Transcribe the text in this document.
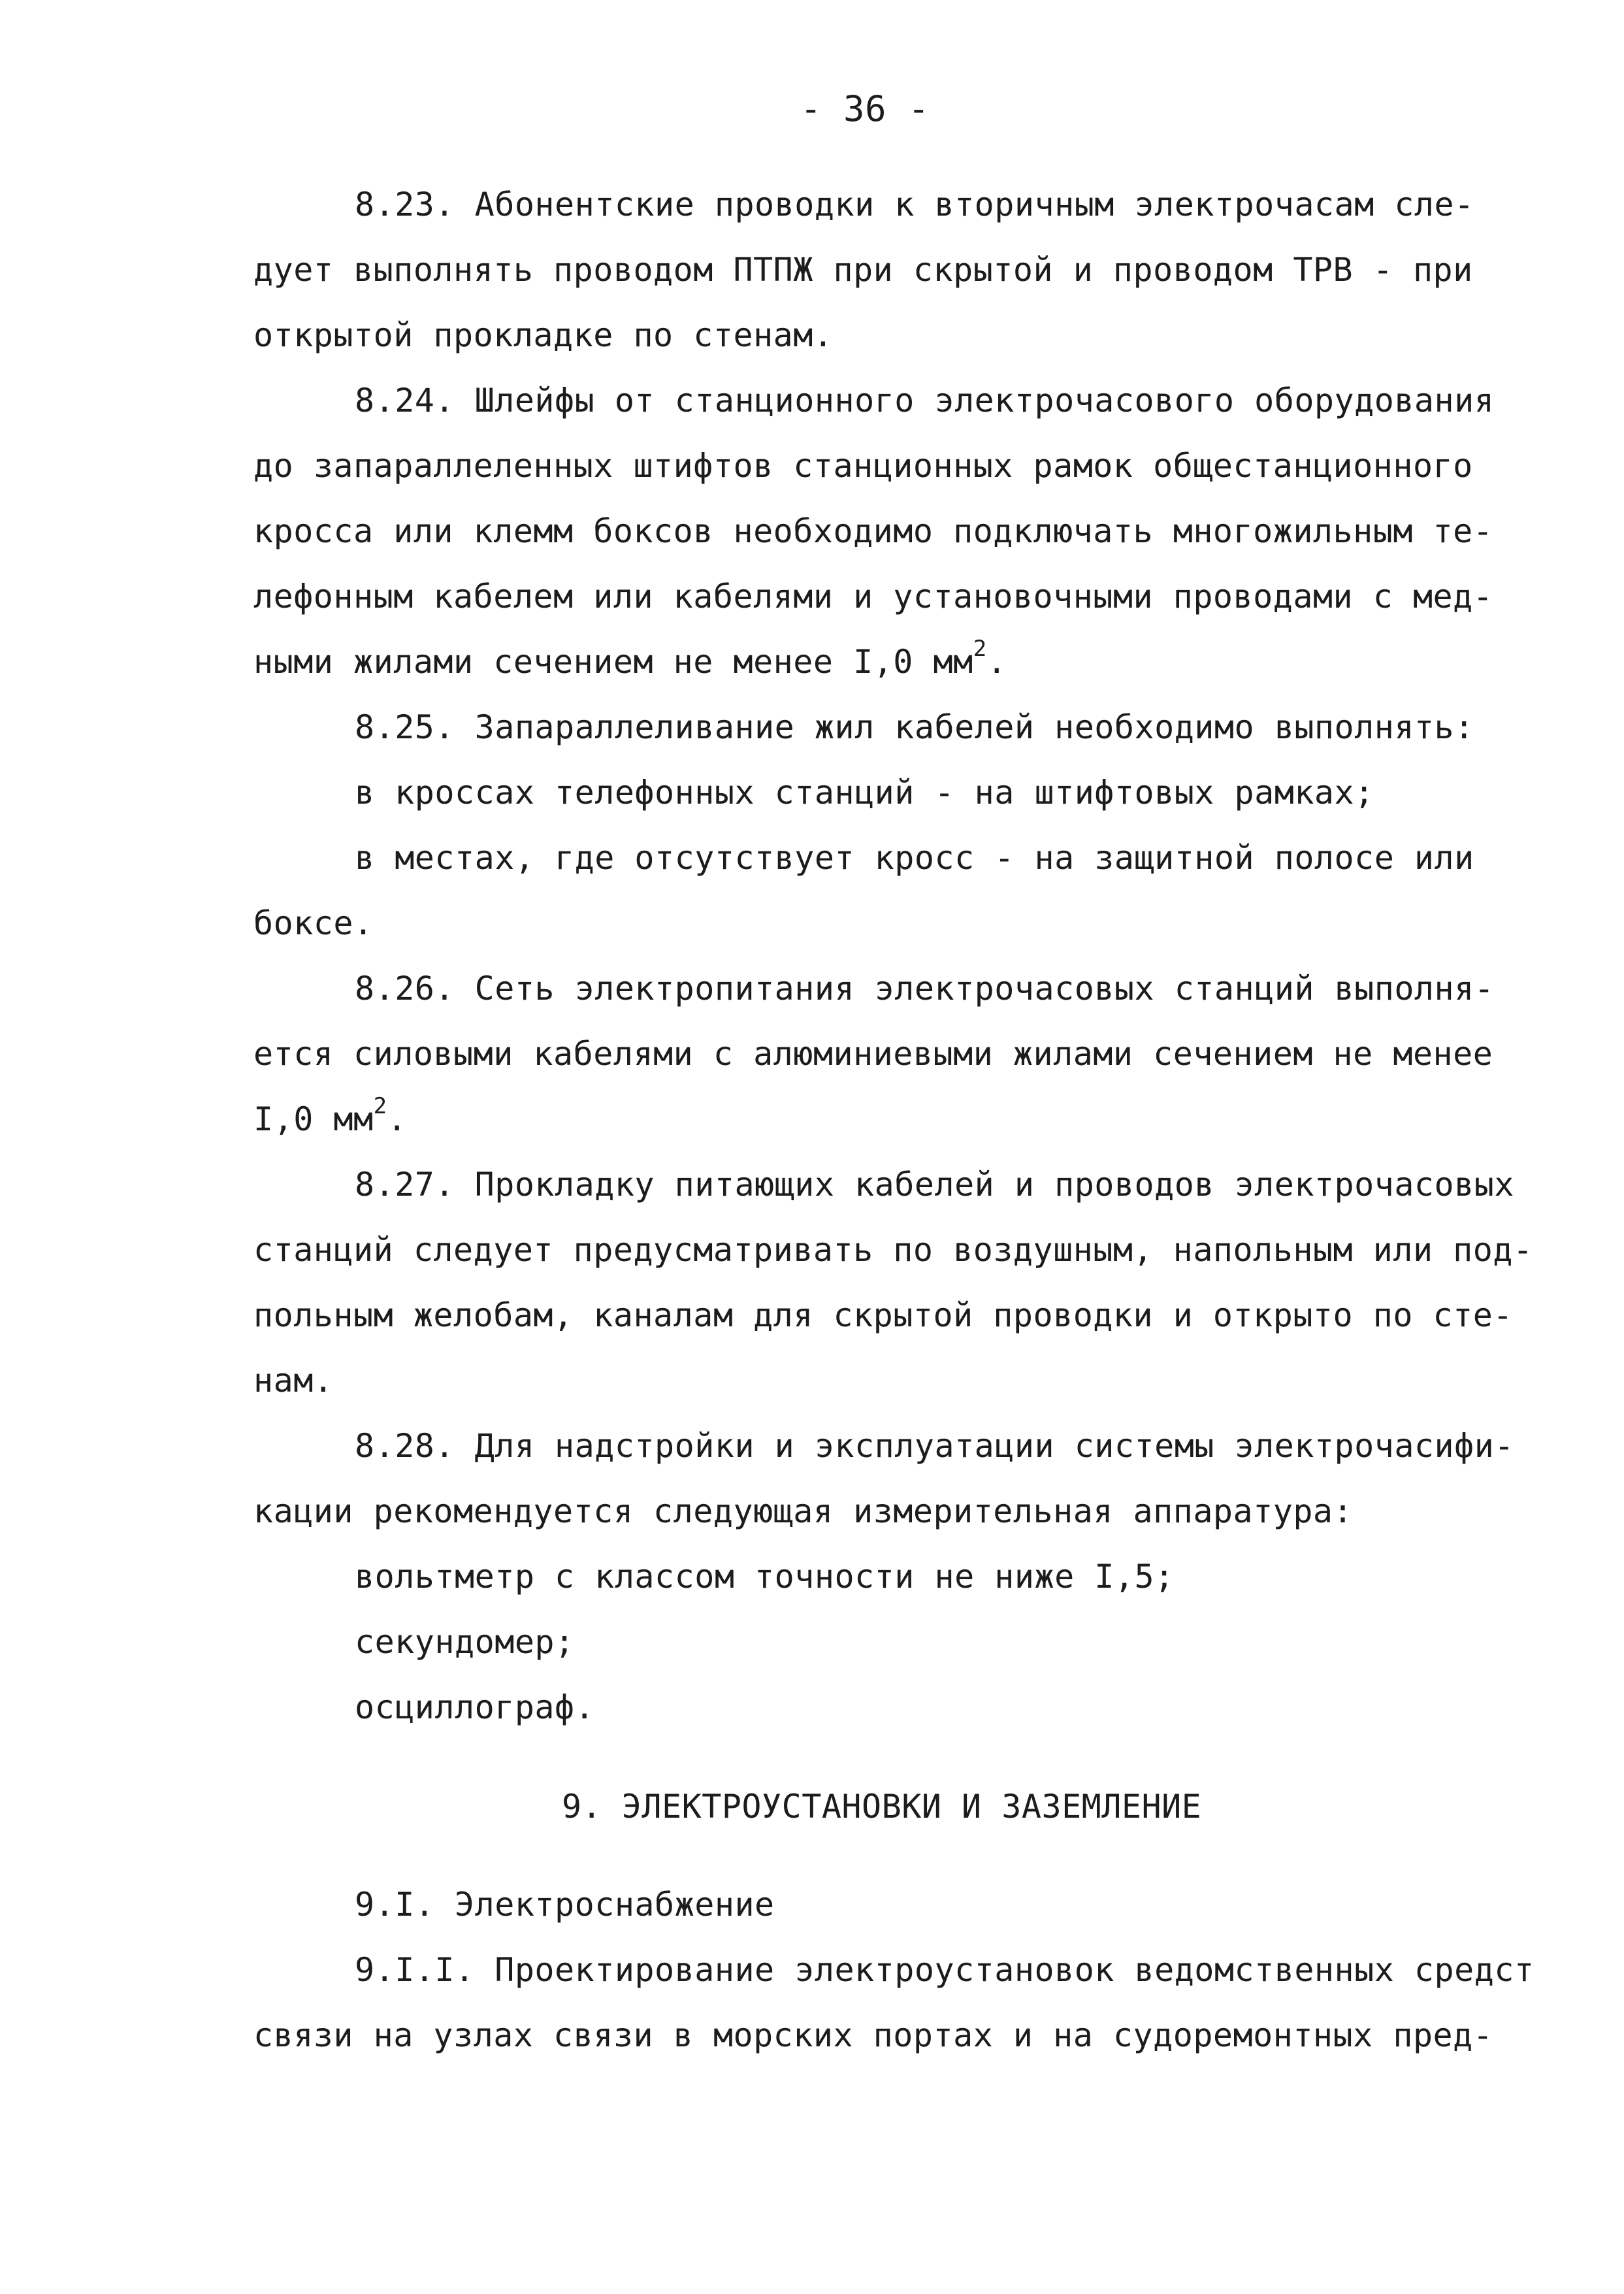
- 36 -
8.23. Абонентские проводки к вторичным электрочасам сле-
дует выполнять проводом ПТПЖ при скрытой и проводом ТРВ - при
открытой прокладке по стенам.
8.24. Шлейфы от станционного электрочасового оборудования
до запараллеленных штифтов станционных рамок общестанционного
кросса или клемм боксов необходимо подключать многожильным те-
лефонным кабелем или кабелями и установочными проводами с мед-
ными жилами сечением не менее I,0 $мм^2$.
8.25. Запараллеливание жил кабелей необходимо выполнять:
в кроссах телефонных станций - на штифтовых рамках;
в местах, где отсутствует кросс - на защитной полосе или
боксе.
8.26. Сеть электропитания электрочасовых станций выполня-
ется силовыми кабелями с алюминиевыми жилами сечением не менее
I,0 $мм^2$.
8.27. Прокладку питающих кабелей и проводов электрочасовых
станций следует предусматривать по воздушным, напольным или под-
польным желобам, каналам для скрытой проводки и открыто по сте-
нам.
8.28. Для надстройки и эксплуатации системы электрочасифи-
кации рекомендуется следующая измерительная аппаратура:
вольтметр с классом точности не ниже I,5;
секундомер;
осциллограф.
9. ЭЛЕКТРОУСТАНОВКИ И ЗАЗЕМЛЕНИЕ
9.I. Электроснабжение
9.I.I. Проектирование электроустановок ведомственных средст
связи на узлах связи в морских портах и на судоремонтных пред-
